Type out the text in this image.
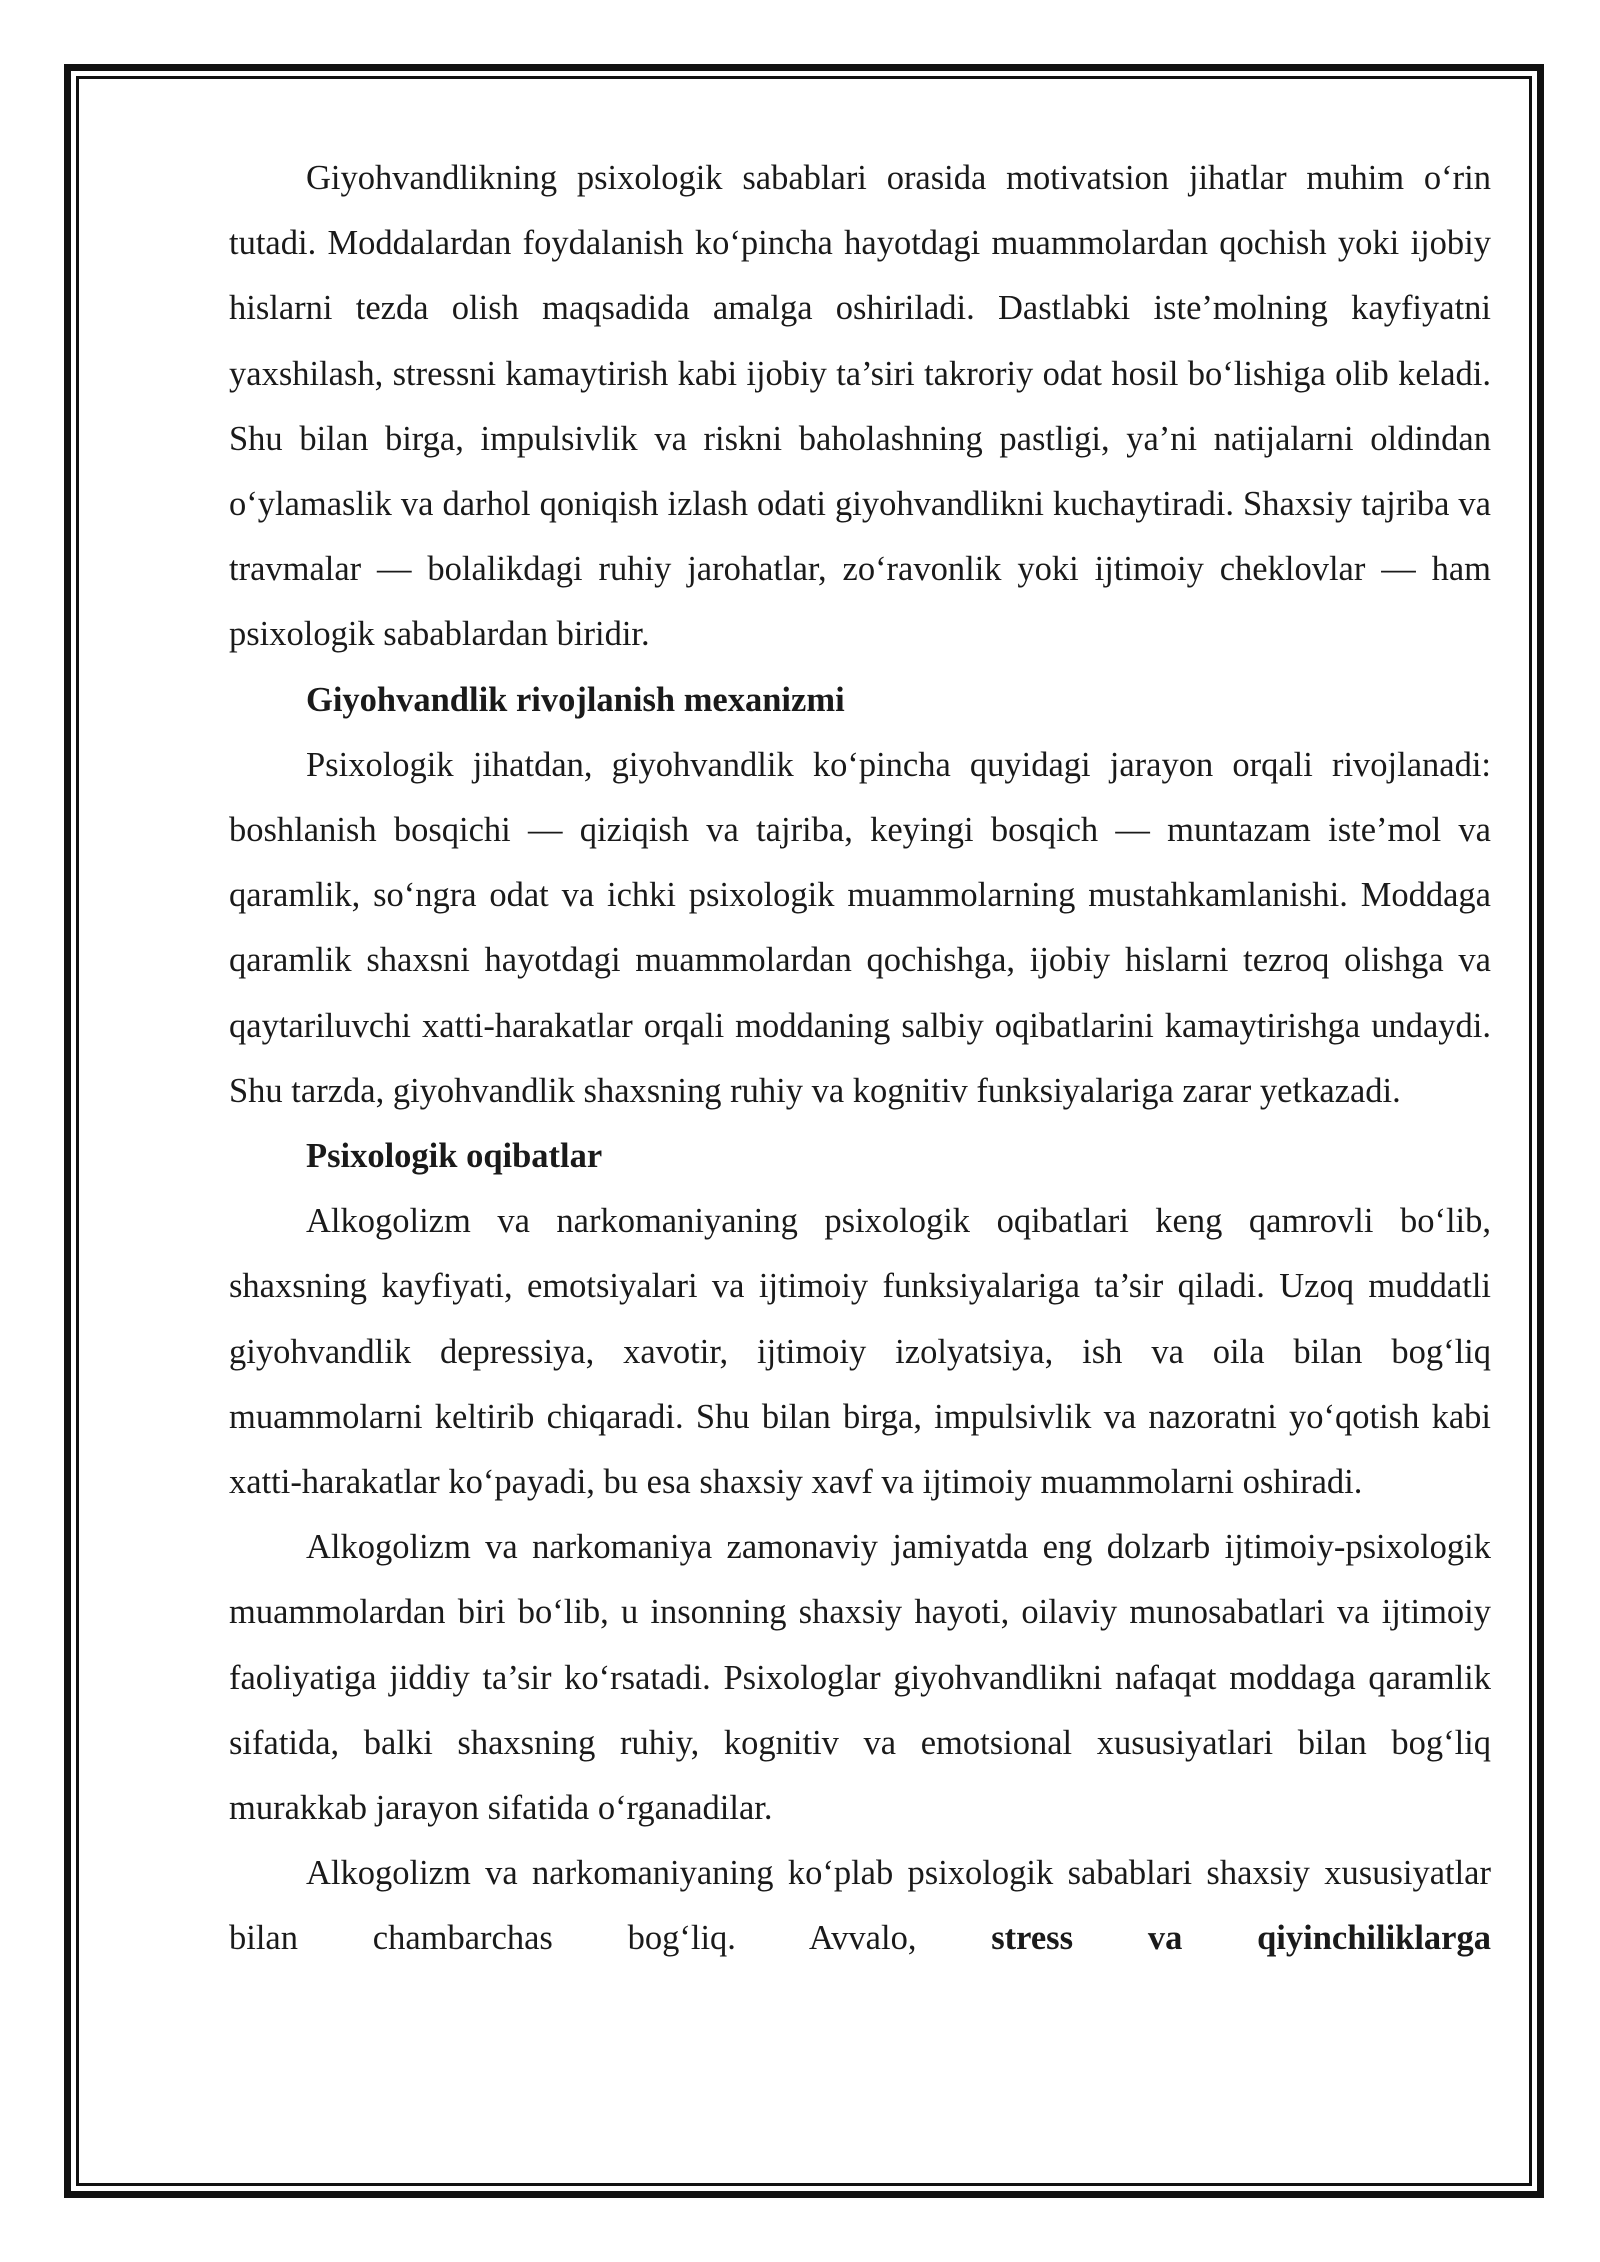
Giyohvandlikning psixologik sabablari orasida motivatsion jihatlar muhim o‘rin tutadi. Moddalardan foydalanish ko‘pincha hayotdagi muammolardan qochish yoki ijobiy hislarni tezda olish maqsadida amalga oshiriladi. Dastlabki iste’molning kayfiyatni yaxshilash, stressni kamaytirish kabi ijobiy ta’siri takroriy odat hosil bo‘lishiga olib keladi. Shu bilan birga, impulsivlik va riskni baholashning pastligi, ya’ni natijalarni oldindan o‘ylamaslik va darhol qoniqish izlash odati giyohvandlikni kuchaytiradi. Shaxsiy tajriba va travmalar — bolalikdagi ruhiy jarohatlar, zo‘ravonlik yoki ijtimoiy cheklovlar — ham psixologik sabablardan biridir.

Giyohvandlik rivojlanish mexanizmi

Psixologik jihatdan, giyohvandlik ko‘pincha quyidagi jarayon orqali rivojlanadi: boshlanish bosqichi — qiziqish va tajriba, keyingi bosqich — muntazam iste’mol va qaramlik, so‘ngra odat va ichki psixologik muammolarning mustahkamlanishi. Moddaga qaramlik shaxsni hayotdagi muammolardan qochishga, ijobiy hislarni tezroq olishga va qaytariluvchi xatti-harakatlar orqali moddaning salbiy oqibatlarini kamaytirishga undaydi. Shu tarzda, giyohvandlik shaxsning ruhiy va kognitiv funksiyalariga zarar yetkazadi.

Psixologik oqibatlar

Alkogolizm va narkomaniyaning psixologik oqibatlari keng qamrovli bo‘lib, shaxsning kayfiyati, emotsiyalari va ijtimoiy funksiyalariga ta’sir qiladi. Uzoq muddatli giyohvandlik depressiya, xavotir, ijtimoiy izolyatsiya, ish va oila bilan bog‘liq muammolarni keltirib chiqaradi. Shu bilan birga, impulsivlik va nazoratni yo‘qotish kabi xatti-harakatlar ko‘payadi, bu esa shaxsiy xavf va ijtimoiy muammolarni oshiradi.

Alkogolizm va narkomaniya zamonaviy jamiyatda eng dolzarb ijtimoiy-psixologik muammolardan biri bo‘lib, u insonning shaxsiy hayoti, oilaviy munosabatlari va ijtimoiy faoliyatiga jiddiy ta’sir ko‘rsatadi. Psixologlar giyohvandlikni nafaqat moddaga qaramlik sifatida, balki shaxsning ruhiy, kognitiv va emotsional xususiyatlari bilan bog‘liq murakkab jarayon sifatida o‘rganadilar.

Alkogolizm va narkomaniyaning ko‘plab psixologik sabablari shaxsiy xususiyatlar bilan chambarchas bog‘liq. Avvalo, stress va qiyinchiliklarga
